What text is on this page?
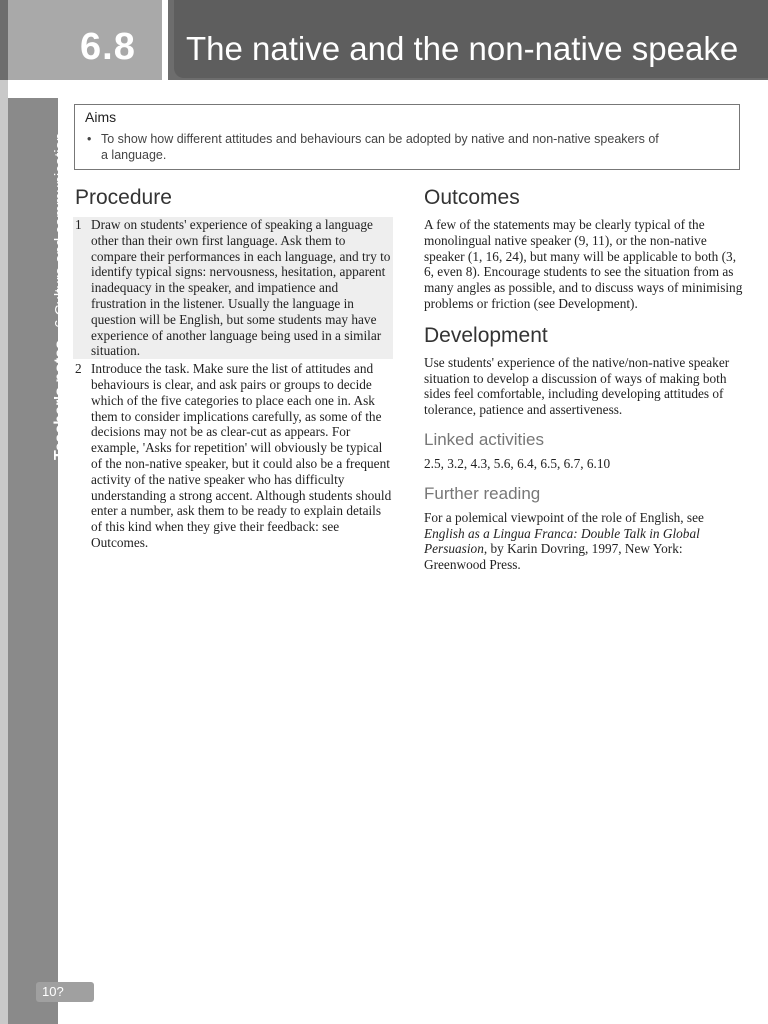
6.8 The native and the non-native speake
Teacher's notes 6 Culture and communication
10?
Aims
• To show how different attitudes and behaviours can be adopted by native and non-native speakers of
a language.
Procedure
1 Draw on students' experience of speaking a language other than their own first language. Ask them to compare their performances in each language, and try to identify typical signs: nervousness, hesitation, apparent inadequacy in the speaker, and impatience and frustration in the listener. Usually the language in question will be English, but some students may have experience of another language being used in a similar situation.
2 Introduce the task. Make sure the list of attitudes and behaviours is clear, and ask pairs or groups to decide which of the five categories to place each one in. Ask them to consider implications carefully, as some of the decisions may not be as clear-cut as appears. For example, 'Asks for repetition' will obviously be typical of the non-native speaker, but it could also be a frequent activity of the native speaker who has difficulty understanding a strong accent. Although students should enter a number, ask them to be ready to explain details of this kind when they give their feedback: see Outcomes.
Outcomes

A few of the statements may be clearly typical of the monolingual native speaker (9, 11), or the non-native speaker (1, 16, 24), but many will be applicable to both (3, 6, even 8). Encourage students to see the situation from as many angles as possible, and to discuss ways of minimising problems or friction (see Development).

Development

Use students' experience of the native/non-native speaker situation to develop a discussion of ways of making both sides feel comfortable, including developing attitudes of tolerance, patience and assertiveness.

Linked activities

2.5, 3.2, 4.3, 5.6, 6.4, 6.5, 6.7, 6.10

Further reading

For a polemical viewpoint of the role of English, see English as a Lingua Franca: Double Talk in Global Persuasion, by Karin Dovring, 1997, New York: Greenwood Press.
